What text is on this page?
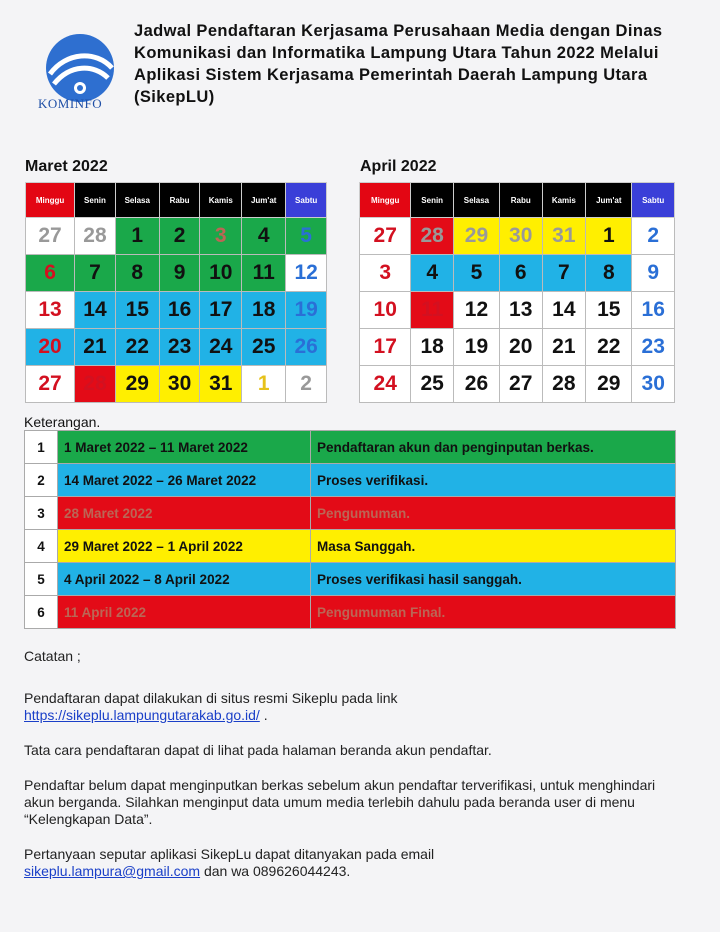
KOMINFO
Jadwal Pendaftaran Kerjasama Perusahaan Media dengan Dinas Komunikasi dan Informatika Lampung Utara Tahun 2022 Melalui Aplikasi Sistem Kerjasama Pemerintah Daerah Lampung Utara (SikepLU)
Maret 2022
Minggu	Senin	Selasa	Rabu	Kamis	Jum'at	Sabtu
27	28	1	2	3	4	5
6	7	8	9	10	11	12
13	14	15	16	17	18	19
20	21	22	23	24	25	26
27	28	29	30	31	1	2
April 2022
Minggu	Senin	Selasa	Rabu	Kamis	Jum'at	Sabtu
27	28	29	30	31	1	2
3	4	5	6	7	8	9
10	11	12	13	14	15	16
17	18	19	20	21	22	23
24	25	26	27	28	29	30
Keterangan.
1	1 Maret 2022 – 11 Maret 2022	Pendaftaran akun dan penginputan berkas.
2	14 Maret 2022 – 26 Maret 2022	Proses verifikasi.
3	28 Maret 2022	Pengumuman.
4	29 Maret 2022 – 1 April 2022	Masa Sanggah.
5	4 April 2022 – 8 April 2022	Proses verifikasi hasil sanggah.
6	11 April 2022	Pengumuman Final.

Catatan ;

Pendaftaran dapat dilakukan di situs resmi Sikeplu pada link
https://sikeplu.lampungutarakab.go.id/ .

Tata cara pendaftaran dapat di lihat pada halaman beranda akun pendaftar.

Pendaftar belum dapat menginputkan berkas sebelum akun pendaftar terverifikasi, untuk menghindari akun berganda. Silahkan menginput data umum media terlebih dahulu pada beranda user di menu “Kelengkapan Data”.

Pertanyaan seputar aplikasi SikepLu dapat ditanyakan pada email
sikeplu.lampura@gmail.com dan wa 089626044243.
